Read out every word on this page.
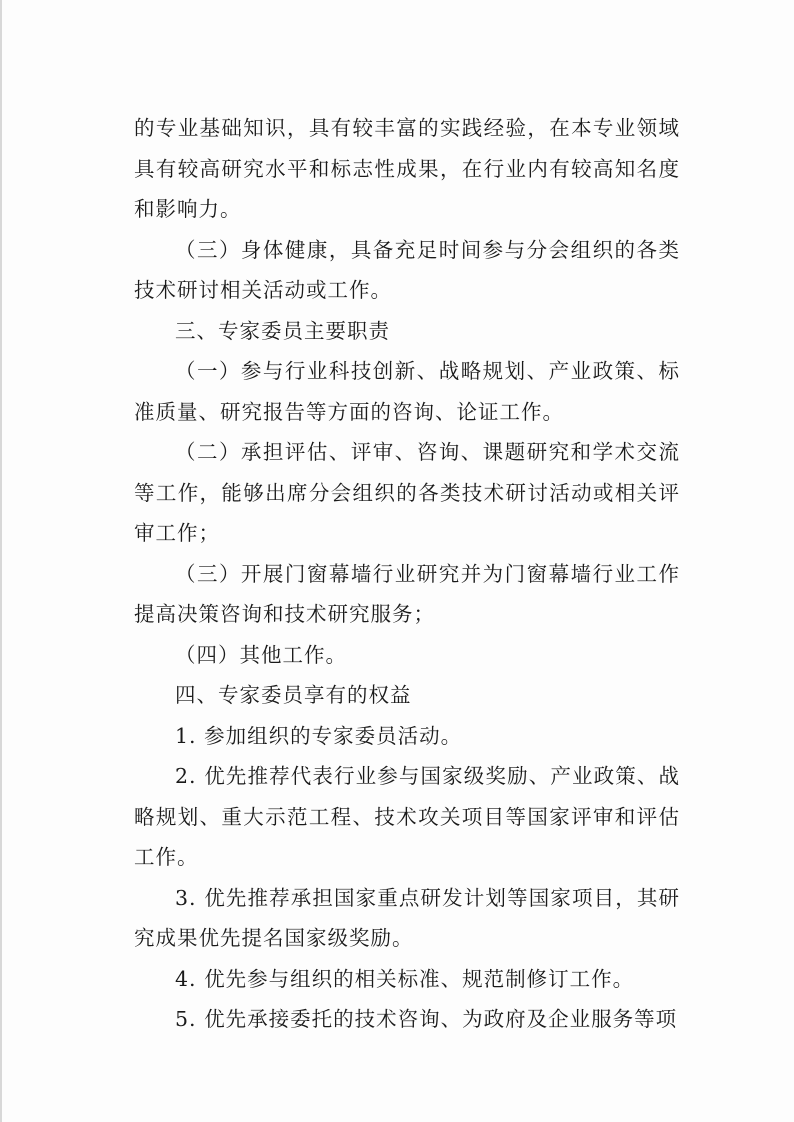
的专业基础知识，具有较丰富的实践经验，在本专业领域具有较高研究水平和标志性成果，在行业内有较高知名度和影响力。

（三）身体健康，具备充足时间参与分会组织的各类技术研讨相关活动或工作。

三、专家委员主要职责

（一）参与行业科技创新、战略规划、产业政策、标准质量、研究报告等方面的咨询、论证工作。

（二）承担评估、评审、咨询、课题研究和学术交流等工作，能够出席分会组织的各类技术研讨活动或相关评审工作；

（三）开展门窗幕墙行业研究并为门窗幕墙行业工作提高决策咨询和技术研究服务；

（四）其他工作。

四、专家委员享有的权益

1. 参加组织的专家委员活动。

2. 优先推荐代表行业参与国家级奖励、产业政策、战略规划、重大示范工程、技术攻关项目等国家评审和评估工作。

3. 优先推荐承担国家重点研发计划等国家项目，其研究成果优先提名国家级奖励。

4. 优先参与组织的相关标准、规范制修订工作。

5. 优先承接委托的技术咨询、为政府及企业服务等项
